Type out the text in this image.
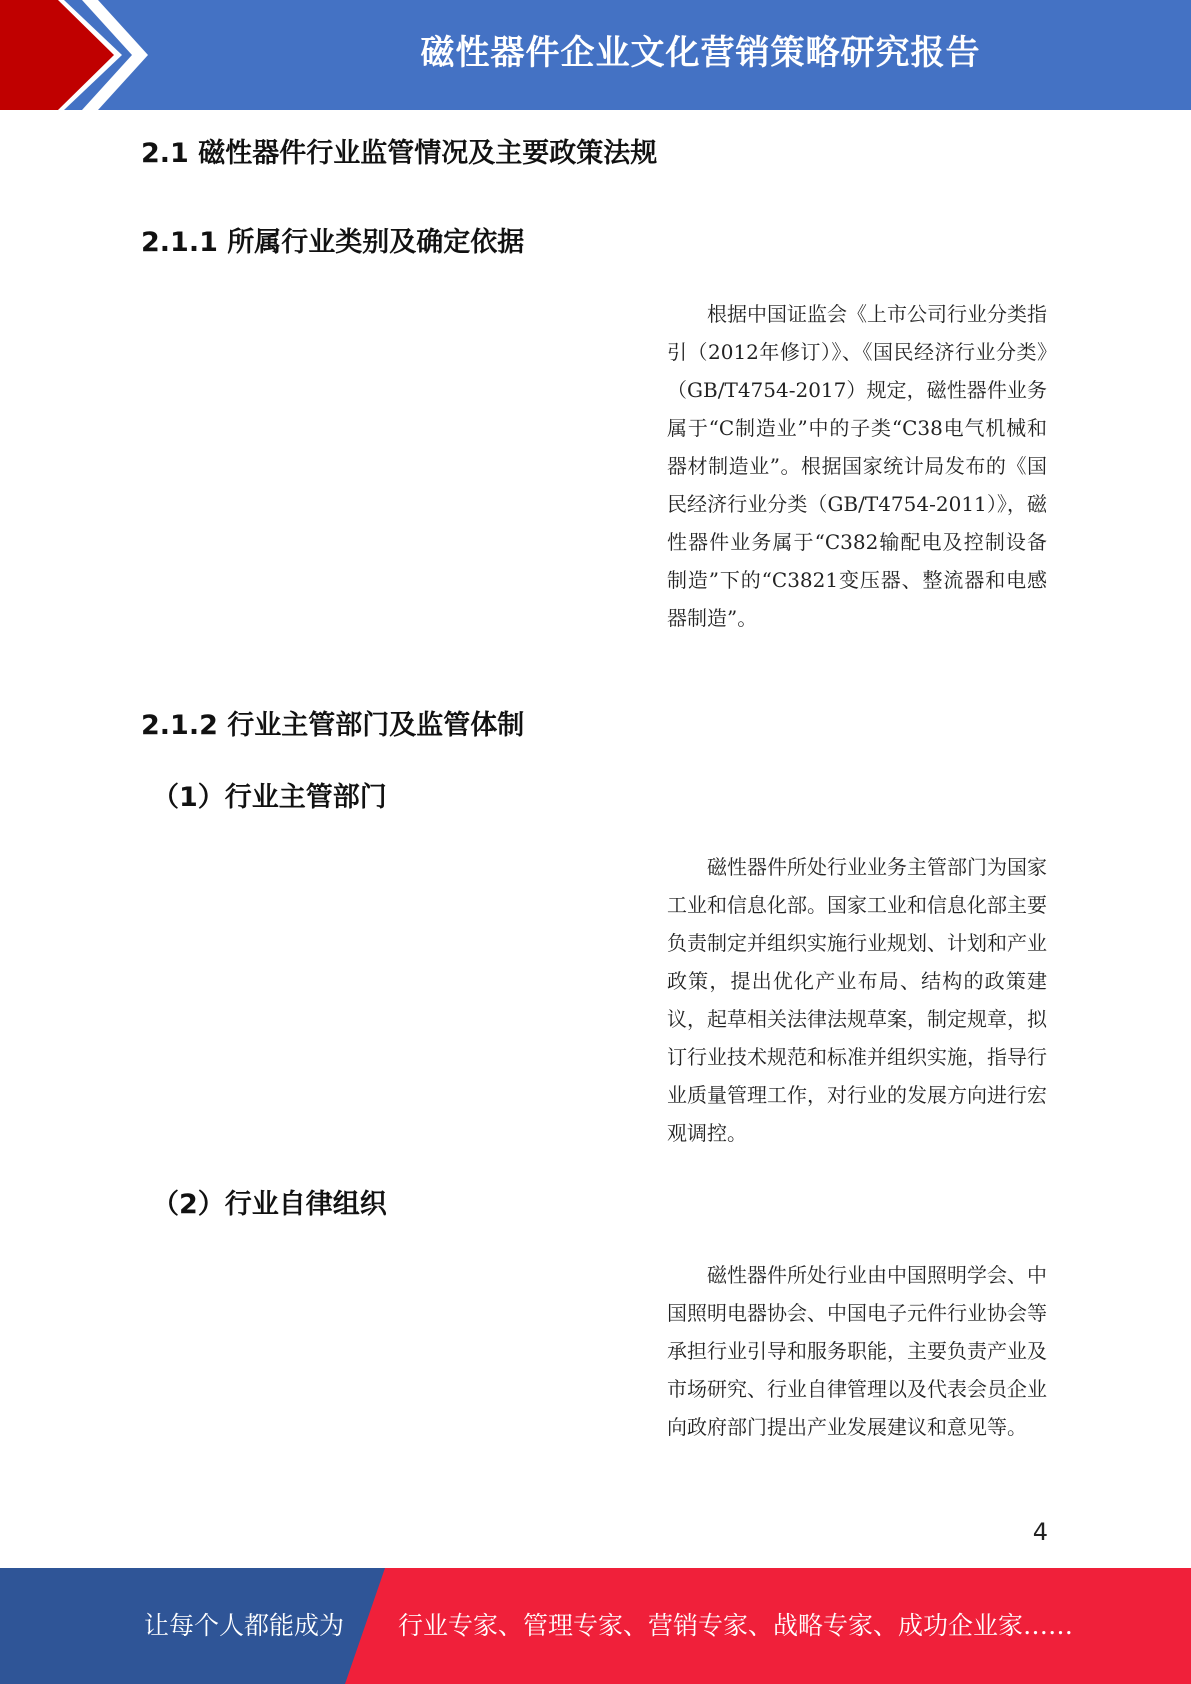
磁性器件企业文化营销策略研究报告
2.1 磁性器件行业监管情况及主要政策法规
2.1.1 所属行业类别及确定依据

根据中国证监会《上市公司行业分类指引（2012年修订）》、《国民经济行业分类》（GB/T4754-2017）规定，磁性器件业务属于“C制造业”中的子类“C38电气机械和器材制造业”。根据国家统计局发布的《国民经济行业分类（GB/T4754-2011）》，磁性器件业务属于“C382输配电及控制设备制造”下的“C3821变压器、整流器和电感器制造”。

2.1.2 行业主管部门及监管体制
（1）行业主管部门

磁性器件所处行业业务主管部门为国家工业和信息化部。国家工业和信息化部主要负责制定并组织实施行业规划、计划和产业政策，提出优化产业布局、结构的政策建议，起草相关法律法规草案，制定规章，拟订行业技术规范和标准并组织实施，指导行业质量管理工作，对行业的发展方向进行宏观调控。

（2）行业自律组织

磁性器件所处行业由中国照明学会、中国照明电器协会、中国电子元件行业协会等承担行业引导和服务职能，主要负责产业及市场研究、行业自律管理以及代表会员企业向政府部门提出产业发展建议和意见等。

4
让每个人都能成为 行业专家、管理专家、营销专家、战略专家、成功企业家……
